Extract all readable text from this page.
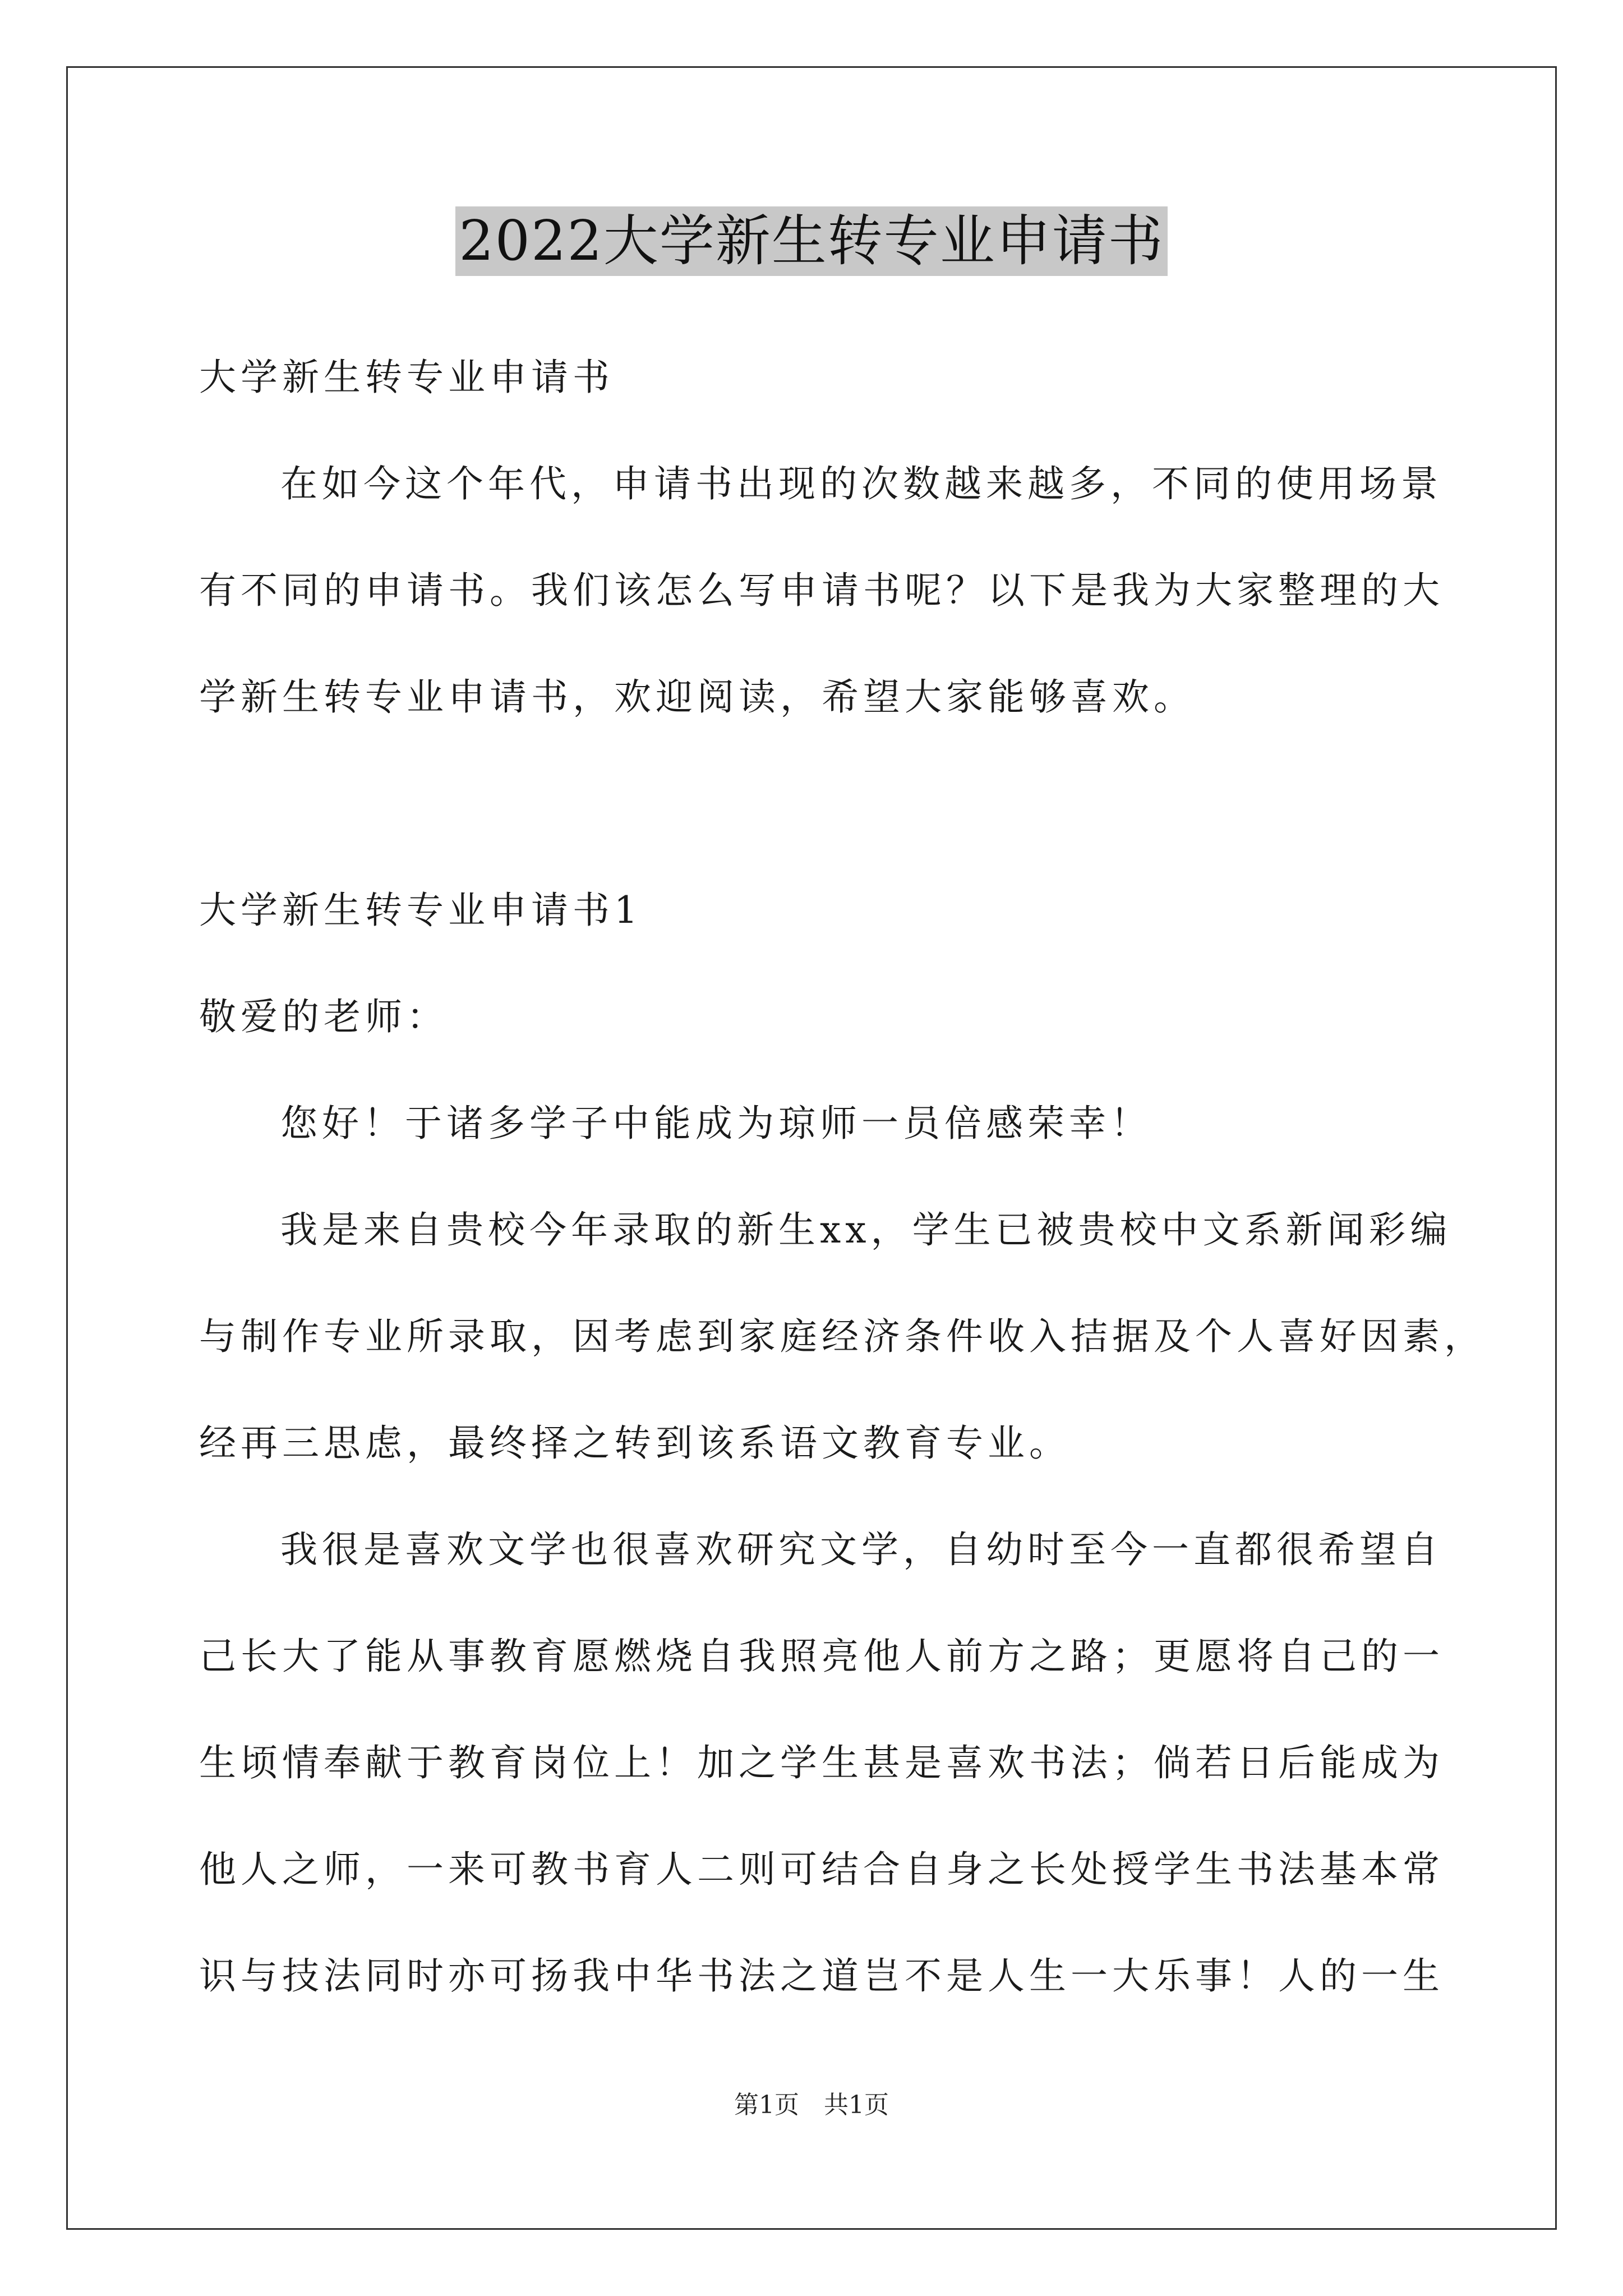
2022大学新生转专业申请书
大学新生转专业申请书
在如今这个年代，申请书出现的次数越来越多，不同的使用场景
有不同的申请书。我们该怎么写申请书呢？以下是我为大家整理的大
学新生转专业申请书，欢迎阅读，希望大家能够喜欢。
大学新生转专业申请书1
敬爱的老师：
您好！于诸多学子中能成为琼师一员倍感荣幸！
我是来自贵校今年录取的新生xx，学生已被贵校中文系新闻彩编
与制作专业所录取，因考虑到家庭经济条件收入拮据及个人喜好因素，
经再三思虑，最终择之转到该系语文教育专业。
我很是喜欢文学也很喜欢研究文学，自幼时至今一直都很希望自
己长大了能从事教育愿燃烧自我照亮他人前方之路；更愿将自己的一
生顷情奉献于教育岗位上！加之学生甚是喜欢书法；倘若日后能成为
他人之师，一来可教书育人二则可结合自身之长处授学生书法基本常
识与技法同时亦可扬我中华书法之道岂不是人生一大乐事！人的一生
第1页　共1页
